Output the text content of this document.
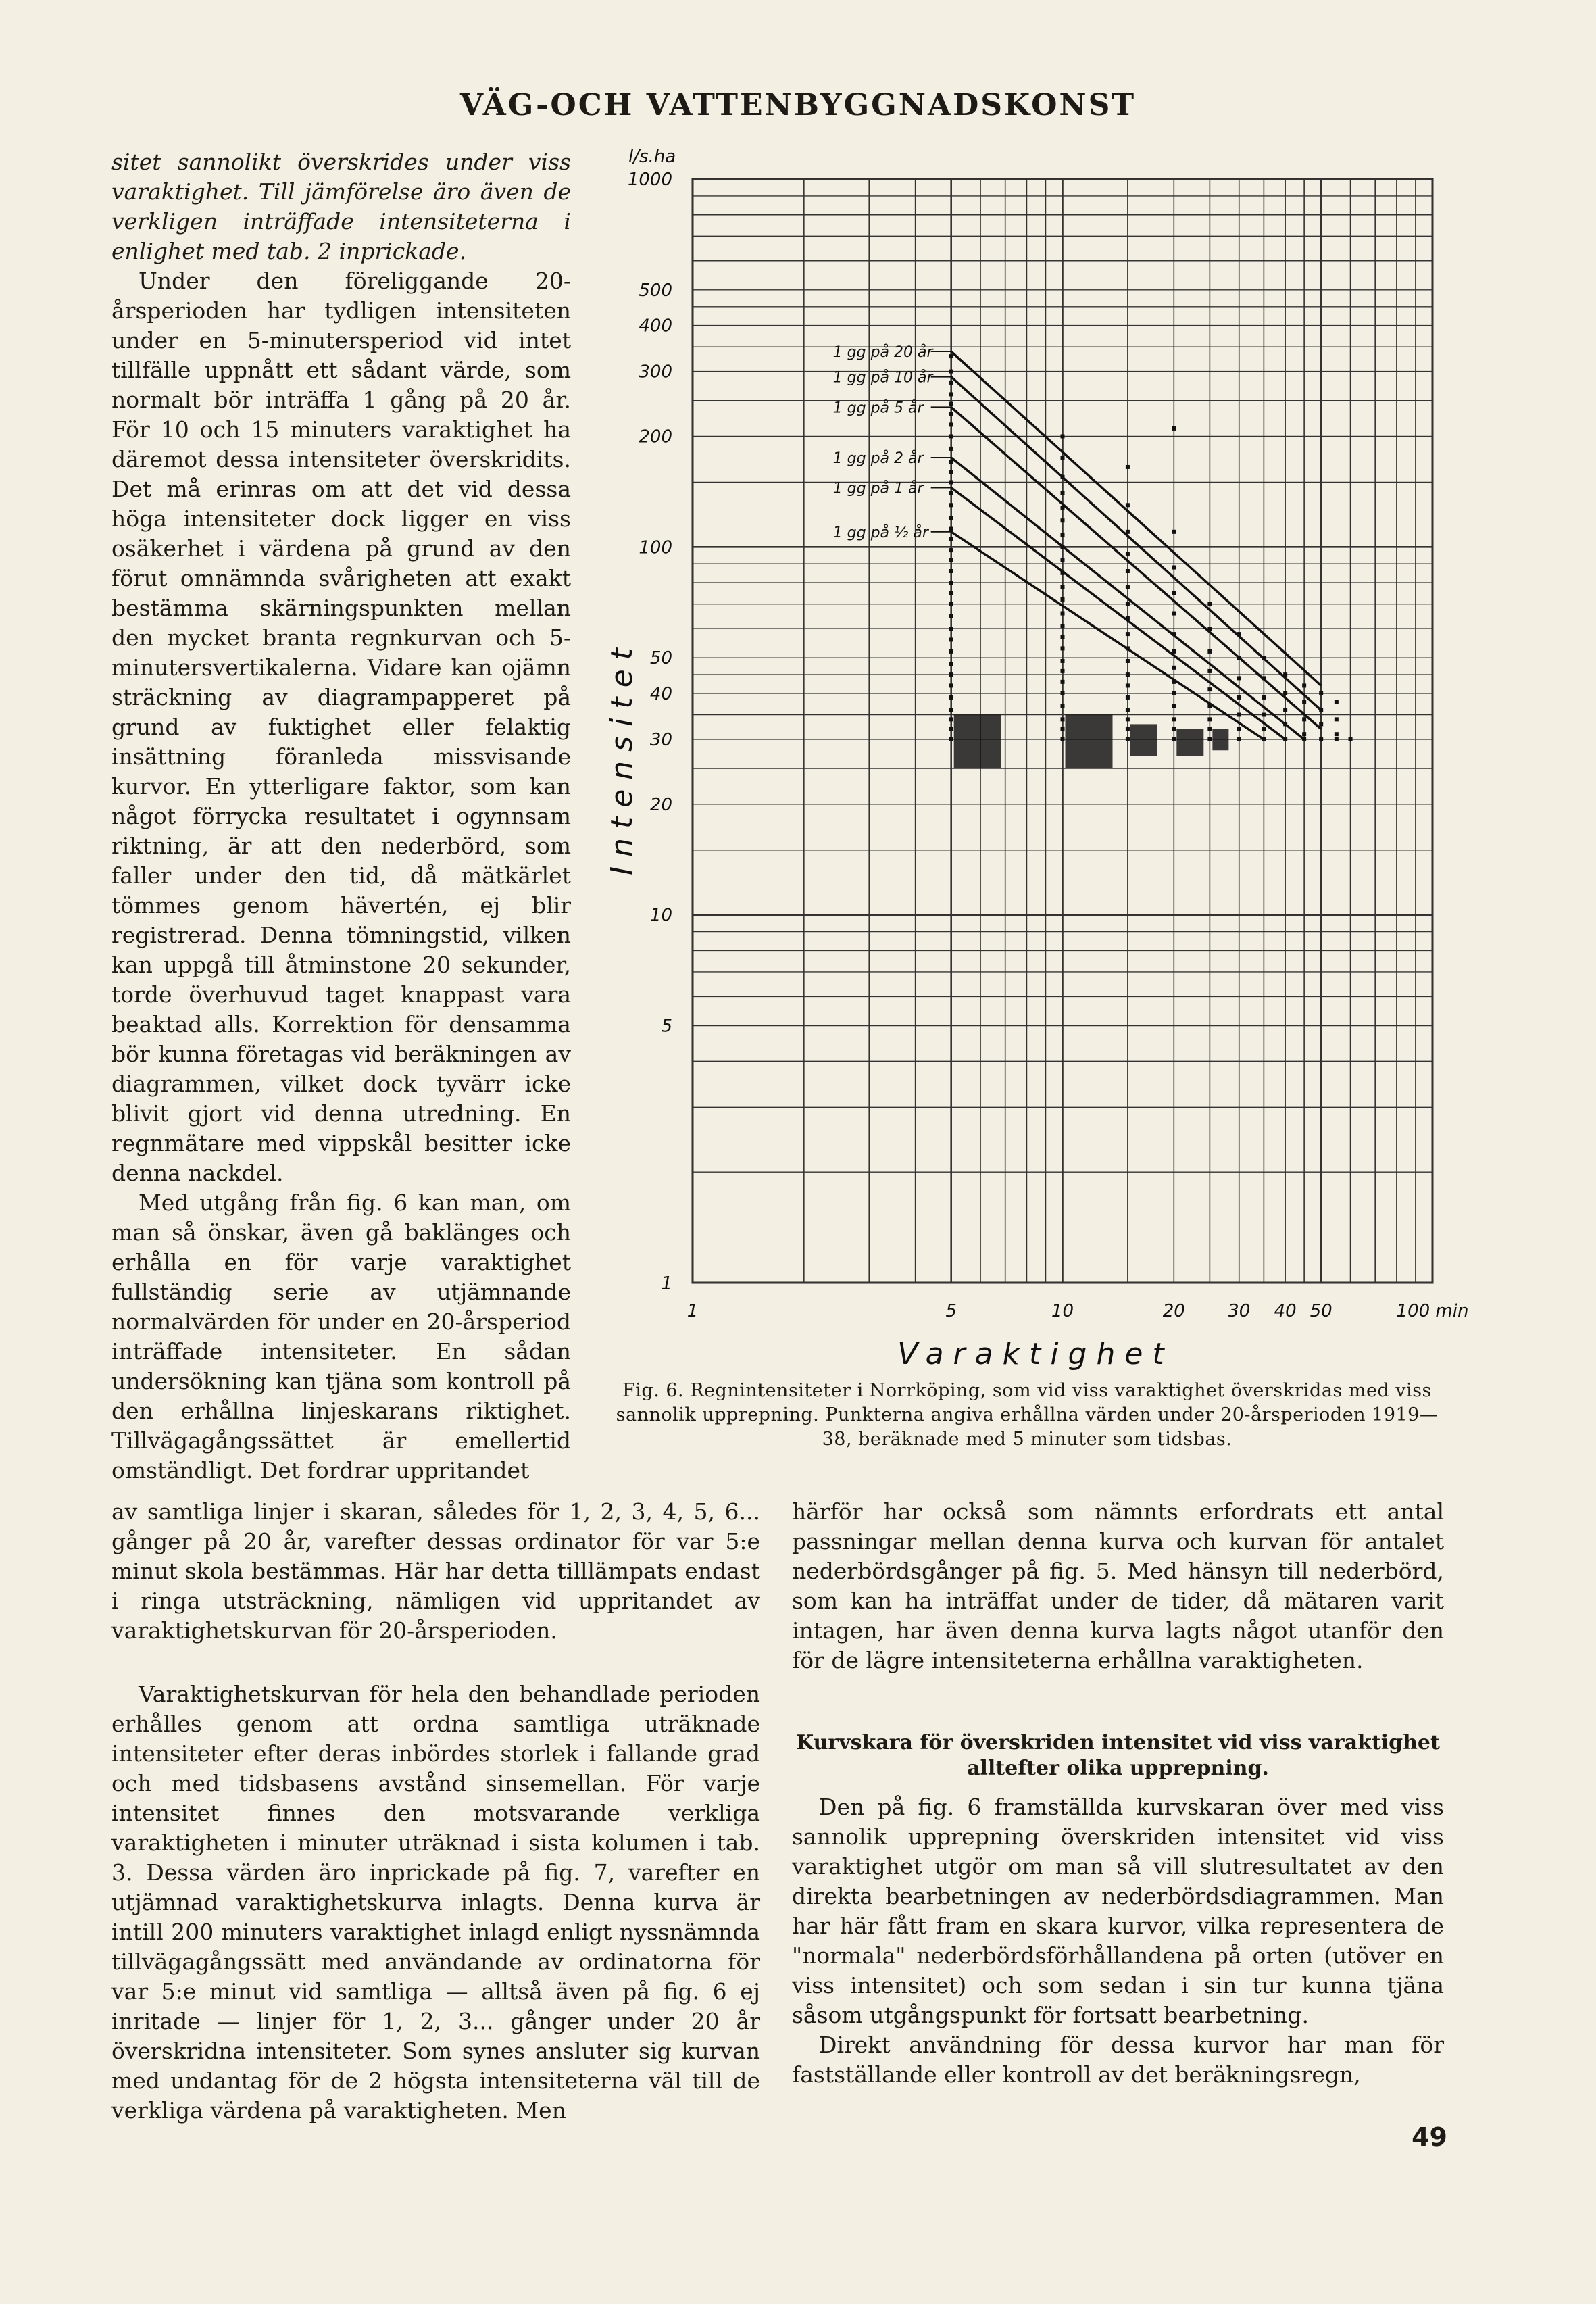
VÄG-OCH VATTENBYGGNADSKONST

sitet sannolikt överskrides under viss varaktighet. Till jämförelse äro även de verkligen inträffade intensiteterna i enlighet med tab. 2 inprickade.

Under den föreliggande 20-årsperioden har tydligen intensiteten under en 5-minutersperiod vid intet tillfälle uppnått ett sådant värde, som normalt bör inträffa 1 gång på 20 år. För 10 och 15 minuters varaktighet ha däremot dessa intensiteter överskridits. Det må erinras om att det vid dessa höga intensiteter dock ligger en viss osäkerhet i värdena på grund av den förut omnämnda svårigheten att exakt bestämma skärningspunkten mellan den mycket branta regnkurvan och 5-minutersvertikalerna. Vidare kan ojämn sträckning av diagrampapperet på grund av fuktighet eller felaktig insättning föranleda missvisande kurvor. En ytterligare faktor, som kan något förrycka resultatet i ogynnsam riktning, är att den nederbörd, som faller under den tid, då mätkärlet tömmes genom hävertén, ej blir registrerad. Denna tömningstid, vilken kan uppgå till åtminstone 20 sekunder, torde överhuvud taget knappast vara beaktad alls. Korrektion för densamma bör kunna företagas vid beräkningen av diagrammen, vilket dock tyvärr icke blivit gjort vid denna utredning. En regnmätare med vippskål besitter icke denna nackdel.

Med utgång från fig. 6 kan man, om man så önskar, även gå baklänges och erhålla en för varje varaktighet fullständig serie av utjämnande normalvärden för under en 20-årsperiod inträffade intensiteter. En sådan undersökning kan tjäna som kontroll på den erhållna linjeskarans riktighet. Tillvägagångssättet är emellertid omständligt. Det fordrar uppritandet

av samtliga linjer i skaran, således för 1, 2, 3, 4, 5, 6... gånger på 20 år, varefter dessas ordinator för var 5:e minut skola bestämmas. Här har detta tilllämpats endast i ringa utsträckning, nämligen vid uppritandet av varaktighetskurvan för 20-årsperioden.

Varaktighetskurvan för hela den behandlade perioden erhålles genom att ordna samtliga uträknade intensiteter efter deras inbördes storlek i fallande grad och med tidsbasens avstånd sinsemellan. För varje intensitet finnes den motsvarande verkliga varaktigheten i minuter uträknad i sista kolumen i tab. 3. Dessa värden äro inprickade på fig. 7, varefter en utjämnad varaktighetskurva inlagts. Denna kurva är intill 200 minuters varaktighet inlagd enligt nyssnämnda tillvägagångssätt med användande av ordinatorna för var 5:e minut vid samtliga — alltså även på fig. 6 ej inritade — linjer för 1, 2, 3... gånger under 20 år överskridna intensiteter. Som synes ansluter sig kurvan med undantag för de 2 högsta intensiteterna väl till de verkliga värdena på varaktigheten. Men

härför har också som nämnts erfordrats ett antal passningar mellan denna kurva och kurvan för antalet nederbördsgånger på fig. 5. Med hänsyn till nederbörd, som kan ha inträffat under de tider, då mätaren varit intagen, har även denna kurva lagts något utanför den för de lägre intensiteterna erhållna varaktigheten.

Kurvskara för överskriden intensitet vid viss varaktighet alltefter olika upprepning.

Den på fig. 6 framställda kurvskaran över med viss sannolik upprepning överskriden intensitet vid viss varaktighet utgör om man så vill slutresultatet av den direkta bearbetningen av nederbördsdiagrammen. Man har här fått fram en skara kurvor, vilka representera de "normala" nederbördsförhållandena på orten (utöver en viss intensitet) och som sedan i sin tur kunna tjäna såsom utgångspunkt för fortsatt bearbetning.

Direkt användning för dessa kurvor har man för fastställande eller kontroll av det beräkningsregn,

Fig. 6. Regnintensiteter i Norrköping, som vid viss varaktighet överskridas med viss sannolik upprepning. Punkterna angiva erhållna värden under 20-årsperioden 1919—38, beräknade med 5 minuter som tidsbas.
1 gg på 20 år
1 gg på 10 år
1 gg på 5 år
1 gg på 2 år
1 gg på 1 år
1 gg på ½ år
1	5	10	20 30 40 50	100 min
1
5
10
20
30
40
50
100
200
300
400
500
1000
Varaktighet
Intensitet
l/s.ha
49
